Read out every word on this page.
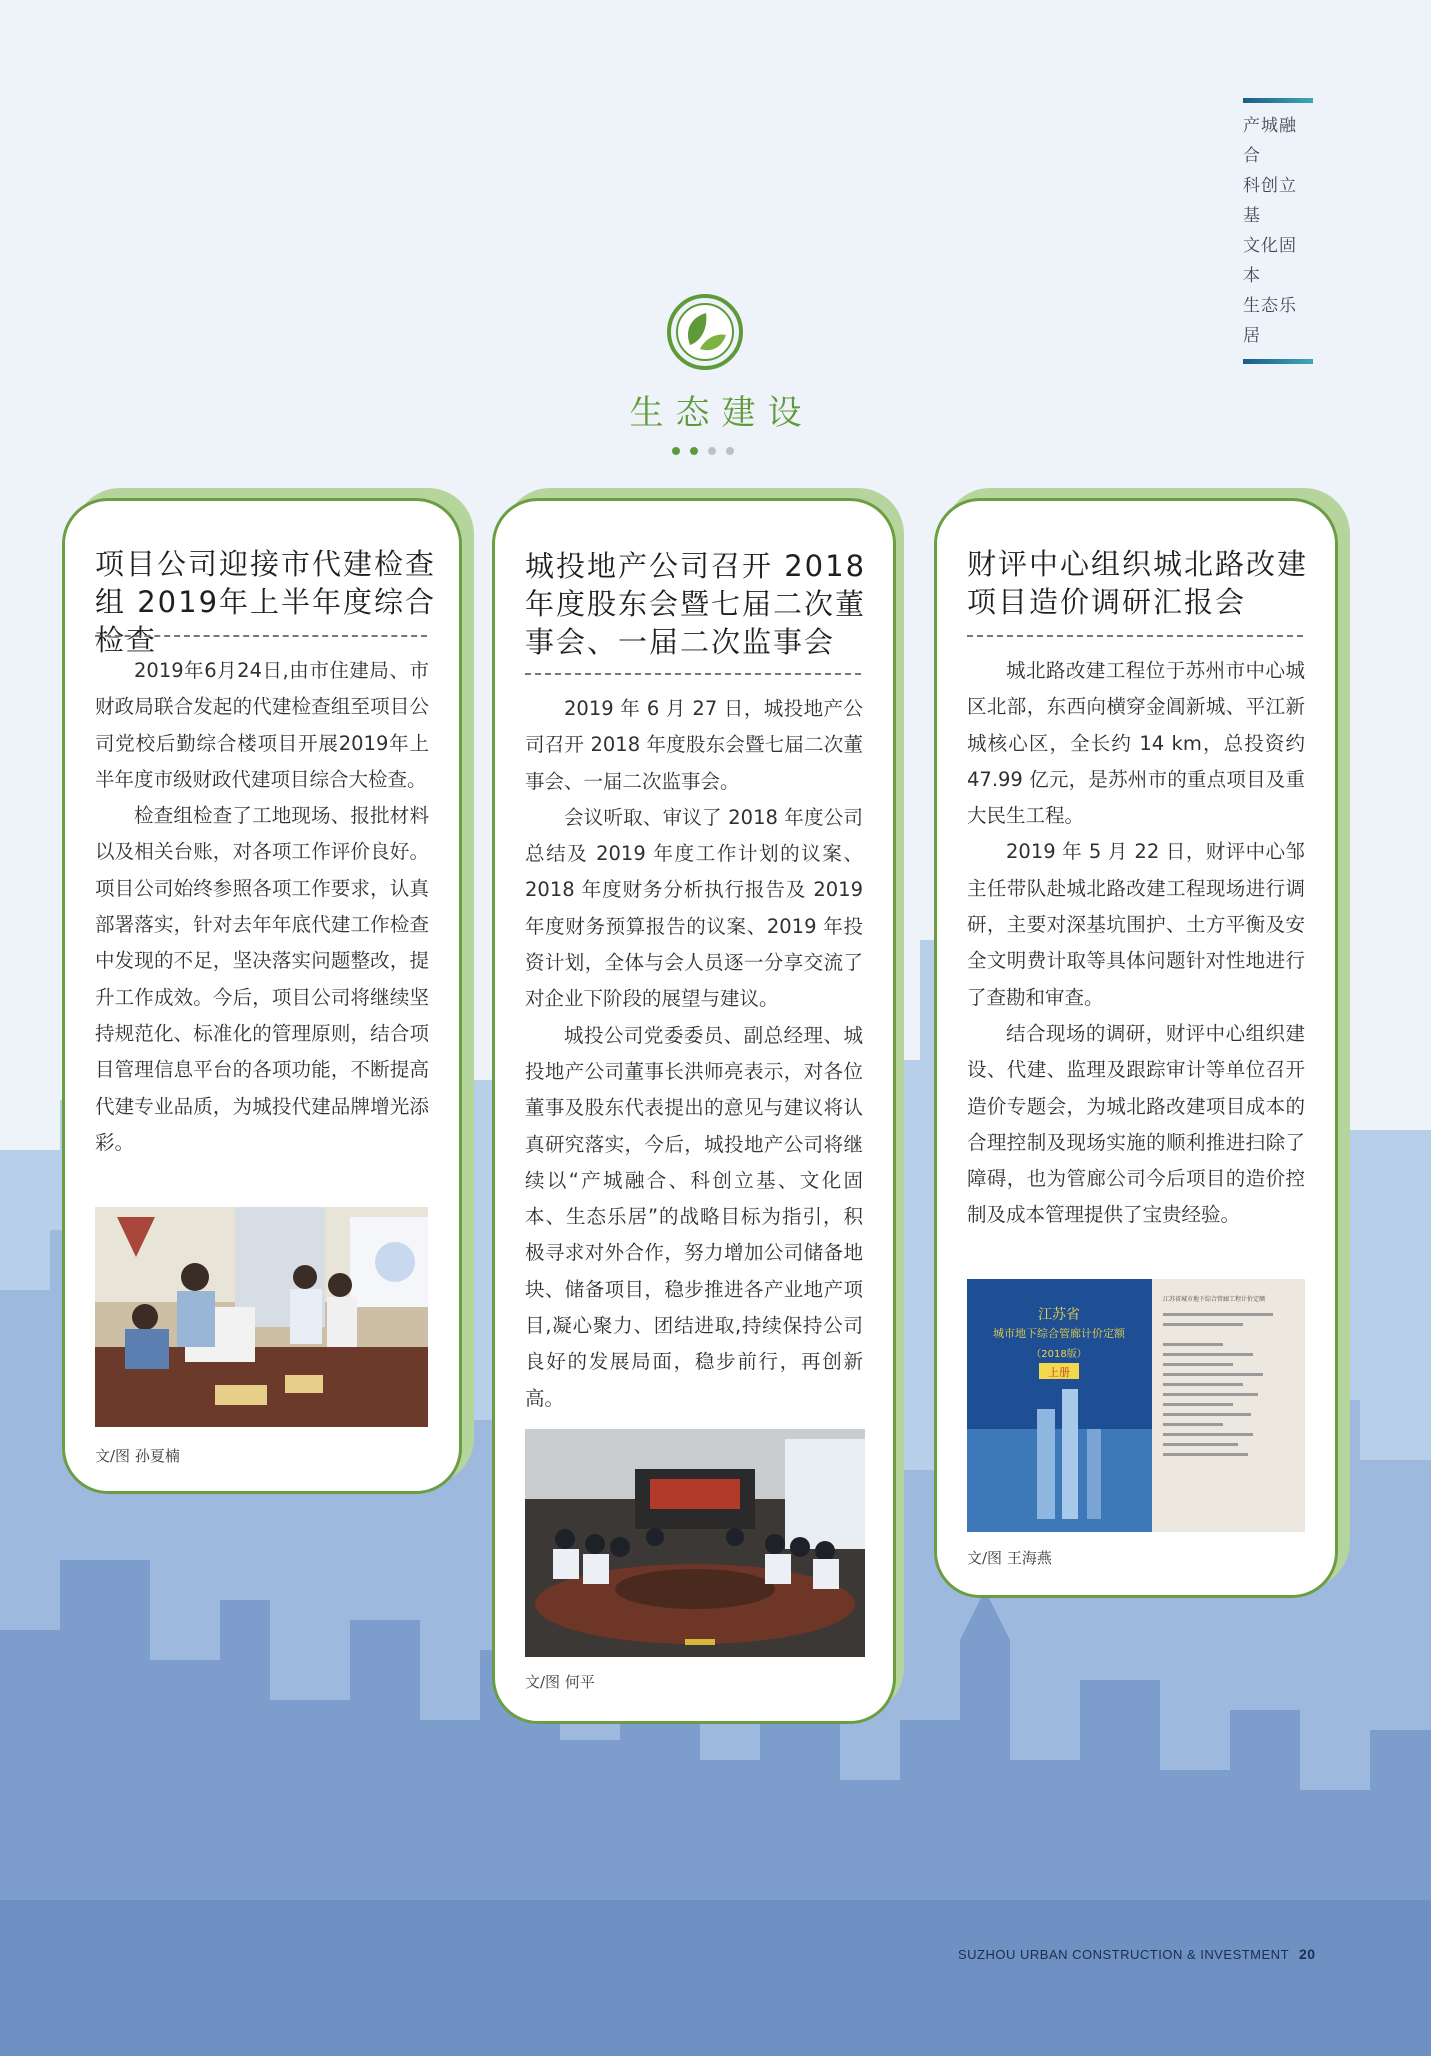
产城融合
科创立基
文化固本
生态乐居
生态建设
项目公司迎接市代建检查组 2019年上半年度综合检查

2019年6月24日,由市住建局、市财政局联合发起的代建检查组至项目公司党校后勤综合楼项目开展2019年上半年度市级财政代建项目综合大检查。

检查组检查了工地现场、报批材料以及相关台账，对各项工作评价良好。项目公司始终参照各项工作要求，认真部署落实，针对去年年底代建工作检查中发现的不足，坚决落实问题整改，提升工作成效。今后，项目公司将继续坚持规范化、标准化的管理原则，结合项目管理信息平台的各项功能，不断提高代建专业品质，为城投代建品牌增光添彩。

文/图 孙夏楠
城投地产公司召开 2018 年度股东会暨七届二次董事会、一届二次监事会

2019 年 6 月 27 日，城投地产公司召开 2018 年度股东会暨七届二次董事会、一届二次监事会。

会议听取、审议了 2018 年度公司总结及 2019 年度工作计划的议案、2018 年度财务分析执行报告及 2019 年度财务预算报告的议案、2019 年投资计划，全体与会人员逐一分享交流了对企业下阶段的展望与建议。

城投公司党委委员、副总经理、城投地产公司董事长洪师亮表示，对各位董事及股东代表提出的意见与建议将认真研究落实，今后，城投地产公司将继续以“产城融合、科创立基、文化固本、生态乐居”的战略目标为指引，积极寻求对外合作，努力增加公司储备地块、储备项目，稳步推进各产业地产项目,凝心聚力、团结进取,持续保持公司良好的发展局面，稳步前行，再创新高。

文/图 何平
财评中心组织城北路改建项目造价调研汇报会

城北路改建工程位于苏州市中心城区北部，东西向横穿金阊新城、平江新城核心区，全长约 14 km，总投资约 47.99 亿元，是苏州市的重点项目及重大民生工程。

2019 年 5 月 22 日，财评中心邹主任带队赴城北路改建工程现场进行调研，主要对深基坑围护、土方平衡及安全文明费计取等具体问题针对性地进行了查勘和审查。

结合现场的调研，财评中心组织建设、代建、监理及跟踪审计等单位召开造价专题会，为城北路改建项目成本的合理控制及现场实施的顺利推进扫除了障碍，也为管廊公司今后项目的造价控制及成本管理提供了宝贵经验。

江苏省
城市地下综合管廊计价定额
（2018版）
上册
江苏省城市地下综合管廊工程计价定额
文/图 王海燕
SUZHOU URBAN CONSTRUCTION & INVESTMENT 20
